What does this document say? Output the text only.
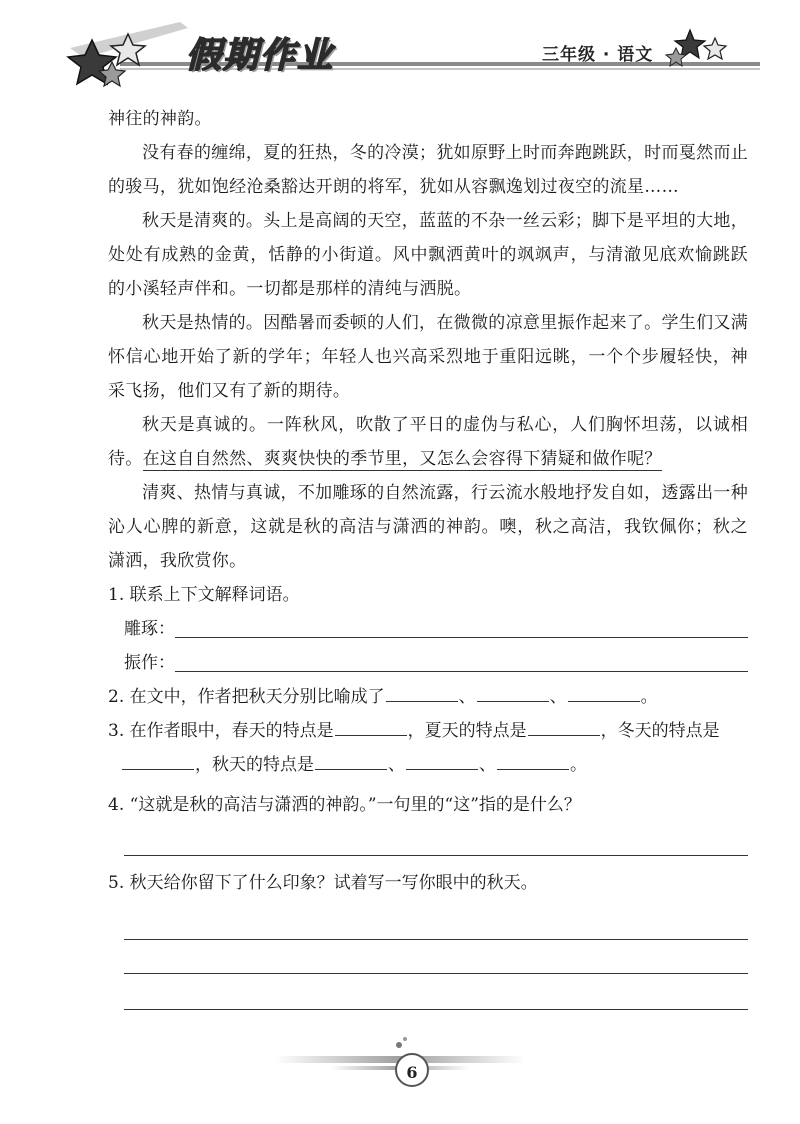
假期作业	三年级 · 语文

神往的神韵。

没有春的缠绵，夏的狂热，冬的冷漠；犹如原野上时而奔跑跳跃，时而戛然而止的骏马，犹如饱经沧桑豁达开朗的将军，犹如从容飘逸划过夜空的流星……

秋天是清爽的。头上是高阔的天空，蓝蓝的不杂一丝云彩；脚下是平坦的大地，处处有成熟的金黄，恬静的小街道。风中飘洒黄叶的飒飒声，与清澈见底欢愉跳跃的小溪轻声伴和。一切都是那样的清纯与洒脱。

秋天是热情的。因酷暑而委顿的人们，在微微的凉意里振作起来了。学生们又满怀信心地开始了新的学年；年轻人也兴高采烈地于重阳远眺，一个个步履轻快，神采飞扬，他们又有了新的期待。

秋天是真诚的。一阵秋风，吹散了平日的虚伪与私心，人们胸怀坦荡，以诚相待。在这自自然然、爽爽快快的季节里，又怎么会容得下猜疑和做作呢？

清爽、热情与真诚，不加雕琢的自然流露，行云流水般地抒发自如，透露出一种沁人心脾的新意，这就是秋的高洁与潇洒的神韵。噢，秋之高洁，我钦佩你；秋之潇洒，我欣赏你。

1. 联系上下文解释词语。
雕琢：
振作：
2. 在文中，作者把秋天分别比喻成了	、	、	。
3. 在作者眼中，春天的特点是	，夏天的特点是	，冬天的特点是
，秋天的特点是	、	、	。
4. “这就是秋的高洁与潇洒的神韵。”一句里的“这”指的是什么？
5. 秋天给你留下了什么印象？试着写一写你眼中的秋天。
6
